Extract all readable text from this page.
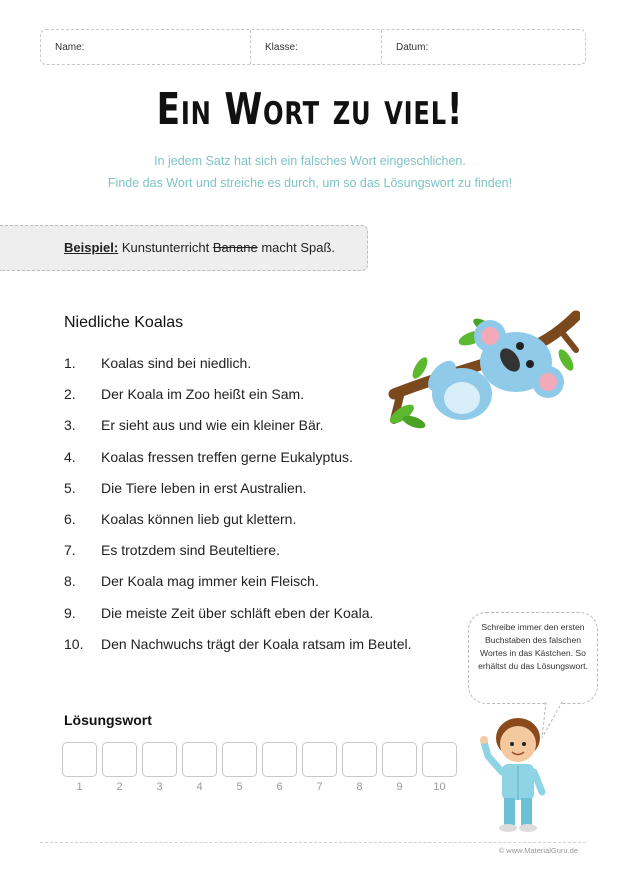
Name:	Klasse:	Datum:
Ein Wort zu viel!
In jedem Satz hat sich ein falsches Wort eingeschlichen.
Finde das Wort und streiche es durch, um so das Lösungswort zu finden!
Beispiel: Kunstunterricht Banane macht Spaß.
Niedliche Koalas
1.	Koalas sind bei niedlich.
2.	Der Koala im Zoo heißt ein Sam.
3.	Er sieht aus und wie ein kleiner Bär.
4.	Koalas fressen treffen gerne Eukalyptus.
5.	Die Tiere leben in erst Australien.
6.	Koalas können lieb gut klettern.
7.	Es trotzdem sind Beuteltiere.
8.	Der Koala mag immer kein Fleisch.
9.	Die meiste Zeit über schläft eben der Koala.
10.	Den Nachwuchs trägt der Koala ratsam im Beutel.
Lösungswort
1	2	3	4	5	6	7	8	9	10
Schreibe immer den ersten Buchstaben des falschen Wortes in das Kästchen. So erhältst du das Lösungswort.
© www.MaterialGuru.de
